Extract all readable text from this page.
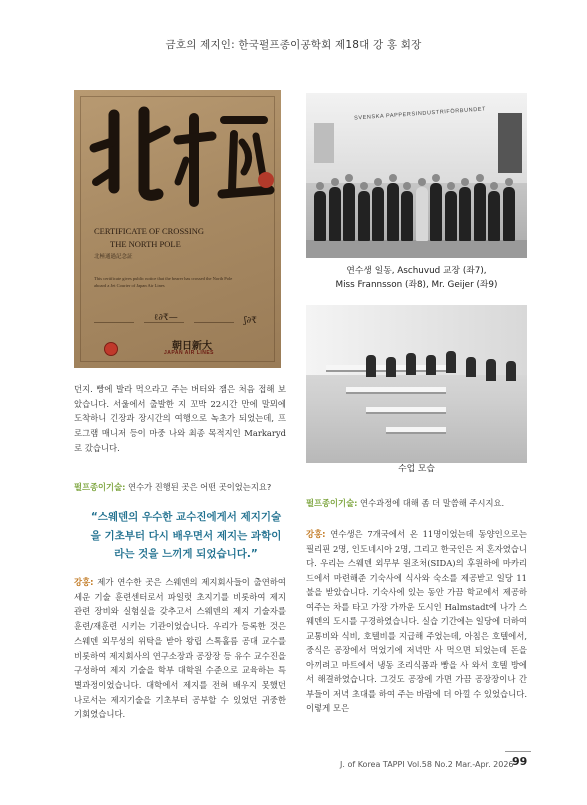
금호의 제지인: 한국펄프종이공학회 제18대 강 홍 회장
CERTIFICATE OF CROSSING
THE NORTH POLE
北極通過記念証
This certificate gives public notice that the bearer has crossed the North Pole aboard a Jet Courier of Japan Air Lines
ℓ∂₹—	ʃ∂₹
朝日新大
JAPAN AIR LINES
SVENSKA PAPPERSINDUSTRIFÖRBUNDET
연수생 일동, Aschuvud 교장 (좌7),
Miss Frannsson (좌8), Mr. Geijer (좌9)
수업 모습
던지. 빵에 발라 먹으라고 주는 버터와 잼은 처음 접해 보았습니다. 서울에서 출발한 지 꼬박 22시간 만에 말뫼에 도착하니 긴장과 장시간의 여행으로 녹초가 되었는데, 프로그램 매니저 등이 마중 나와 최종 목적지인 Markaryd로 갔습니다.
펄프종이기술: 연수가 진행된 곳은 어떤 곳이었는지요?
“스웨덴의 우수한 교수진에게서 제지기술을 기초부터 다시 배우면서 제지는 과학이라는 것을 느끼게 되었습니다.”
강홍: 제가 연수한 곳은 스웨덴의 제지회사들이 출연하여 세운 기술 훈련센터로서 파일럿 초지기를 비롯하여 제지 관련 장비와 실험실을 갖추고서 스웨덴의 제지 기술자를 훈련/재훈련 시키는 기관이었습니다. 우리가 등록한 것은 스웨덴 외무성의 위탁을 받아 왕립 스톡홀름 공대 교수를 비롯하여 제지회사의 연구소장과 공장장 등 유수 교수진을 구성하여 제지 기술을 학부 대학원 수준으로 교육하는 특별과정이었습니다. 대학에서 제지를 전혀 배우지 못했던 나로서는 제지기술을 기초부터 공부할 수 있었던 귀중한 기회였습니다.
펄프종이기술: 연수과정에 대해 좀 더 말씀해 주시지요.
강홍: 연수생은 7개국에서 온 11명이었는데 동양인으로는 필리핀 2명, 인도네시아 2명, 그리고 한국인은 저 혼자였습니다. 우리는 스웨덴 외무부 원조처(SIDA)의 후원하에 마카리드에서 마련해준 기숙사에 식사와 숙소를 제공받고 일당 11불을 받았습니다. 기숙사에 있는 동안 가끔 학교에서 제공하여주는 차를 타고 가장 가까운 도시인 Halmstadt에 나가 스웨덴의 도시를 구경하였습니다. 실습 기간에는 일당에 더하여 교통비와 식비, 호텔비를 지급해 주었는데, 아침은 호텔에서, 중식은 공장에서 먹었기에 저녁만 사 먹으면 되었는데 돈을 아끼려고 마트에서 냉동 조리식품과 빵을 사 와서 호텔 방에서 해결하였습니다. 그것도 공장에 가면 가끔 공장장이나 간부들이 저녁 초대를 하여 주는 바람에 더 아낄 수 있었습니다. 이렇게 모은
J. of Korea TAPPI Vol.58 No.2 Mar.-Apr. 2026
99
